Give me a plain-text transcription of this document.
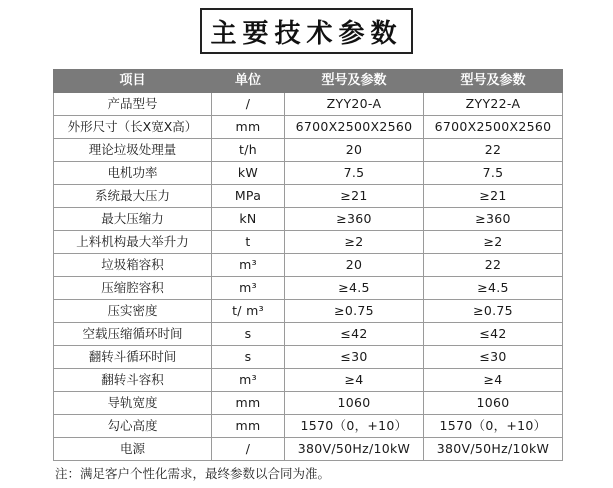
主要技术参数
项目	单位	型号及参数	型号及参数
产品型号	/	ZYY20-A	ZYY22-A
外形尺寸（长X宽X高）	mm	6700X2500X2560	6700X2500X2560
理论垃圾处理量	t/h	20	22
电机功率	kW	7.5	7.5
系统最大压力	MPa	≥21	≥21
最大压缩力	kN	≥360	≥360
上料机构最大举升力	t	≥2	≥2
垃圾箱容积	m³	20	22
压缩腔容积	m³	≥4.5	≥4.5
压实密度	t/ m³	≥0.75	≥0.75
空载压缩循环时间	s	≤42	≤42
翻转斗循环时间	s	≤30	≤30
翻转斗容积	m³	≥4	≥4
导轨宽度	mm	1060	1060
勾心高度	mm	1570（0，+10）	1570（0，+10）
电源	/	380V/50Hz/10kW	380V/50Hz/10kW
注：满足客户个性化需求，最终参数以合同为准。
